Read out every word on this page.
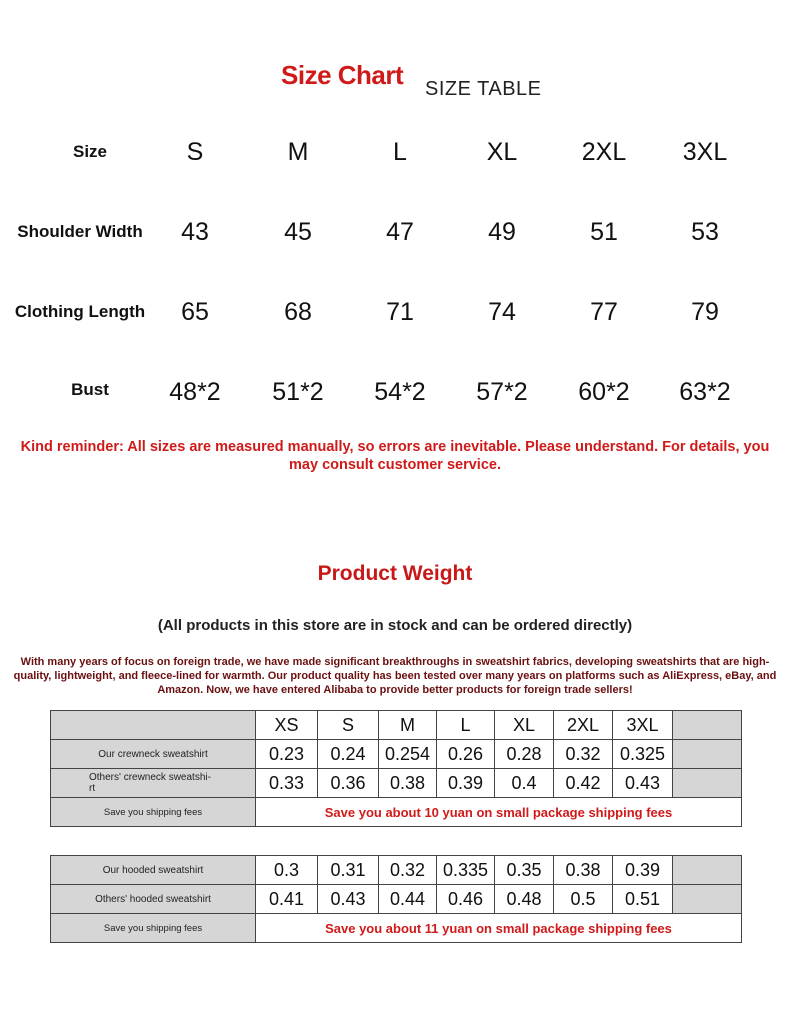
Size Chart SIZE TABLE
Size	S	M	L	XL	2XL	3XL
Shoulder Width	43	45	47	49	51	53
Clothing Length	65	68	71	74	77	79
Bust	48*2	51*2	54*2	57*2	60*2	63*2
Kind reminder: All sizes are measured manually, so errors are inevitable. Please understand. For details, you may consult customer service.
Product Weight
(All products in this store are in stock and can be ordered directly)
With many years of focus on foreign trade, we have made significant breakthroughs in sweatshirt fabrics, developing sweatshirts that are high-quality, lightweight, and fleece-lined for warmth. Our product quality has been tested over many years on platforms such as AliExpress, eBay, and Amazon. Now, we have entered Alibaba to provide better products for foreign trade sellers!
	XS	S	M	L	XL	2XL	3XL	
Our crewneck sweatshirt	0.23	0.24	0.254	0.26	0.28	0.32	0.325	
Others' crewneck sweatshi-
rt	0.33	0.36	0.38	0.39	0.4	0.42	0.43	
Save you shipping fees	Save you about 10 yuan on small package shipping fees							
Our hooded sweatshirt	0.3	0.31	0.32	0.335	0.35	0.38	0.39	
Others' hooded sweatshirt	0.41	0.43	0.44	0.46	0.48	0.5	0.51	
Save you shipping fees	Save you about 11 yuan on small package shipping fees							
